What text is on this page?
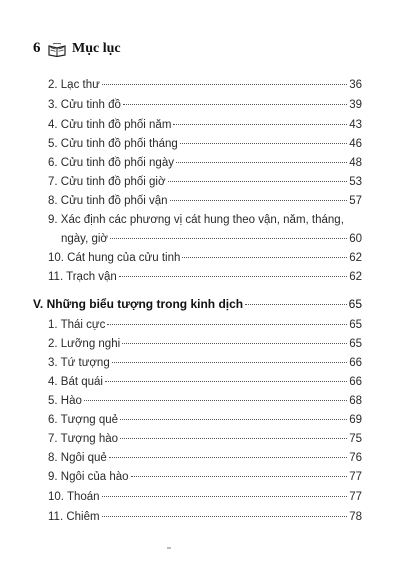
6 Mục lục
2. Lạc thư	36
3. Cửu tinh đồ	39
4. Cửu tinh đồ phối năm	43
5. Cửu tinh đồ phối tháng	46
6. Cửu tinh đồ phối ngày	48
7. Cửu tinh đồ phối giờ	53
8. Cửu tinh đồ phối vận	57
9. Xác định các phương vị cát hung theo vận, năm, tháng,
ngày, giờ	60
10. Cát hung của cửu tinh	62
11. Trạch vận	62
V. Những biểu tượng trong kinh dịch	65
1. Thái cực	65
2. Lưỡng nghi	65
3. Tứ tượng	66
4. Bát quái	66
5. Hào	68
6. Tượng quẻ	69
7. Tượng hào	75
8. Ngôi quẻ	76
9. Ngôi của hào	77
10. Thoán	77
11. Chiêm	78
